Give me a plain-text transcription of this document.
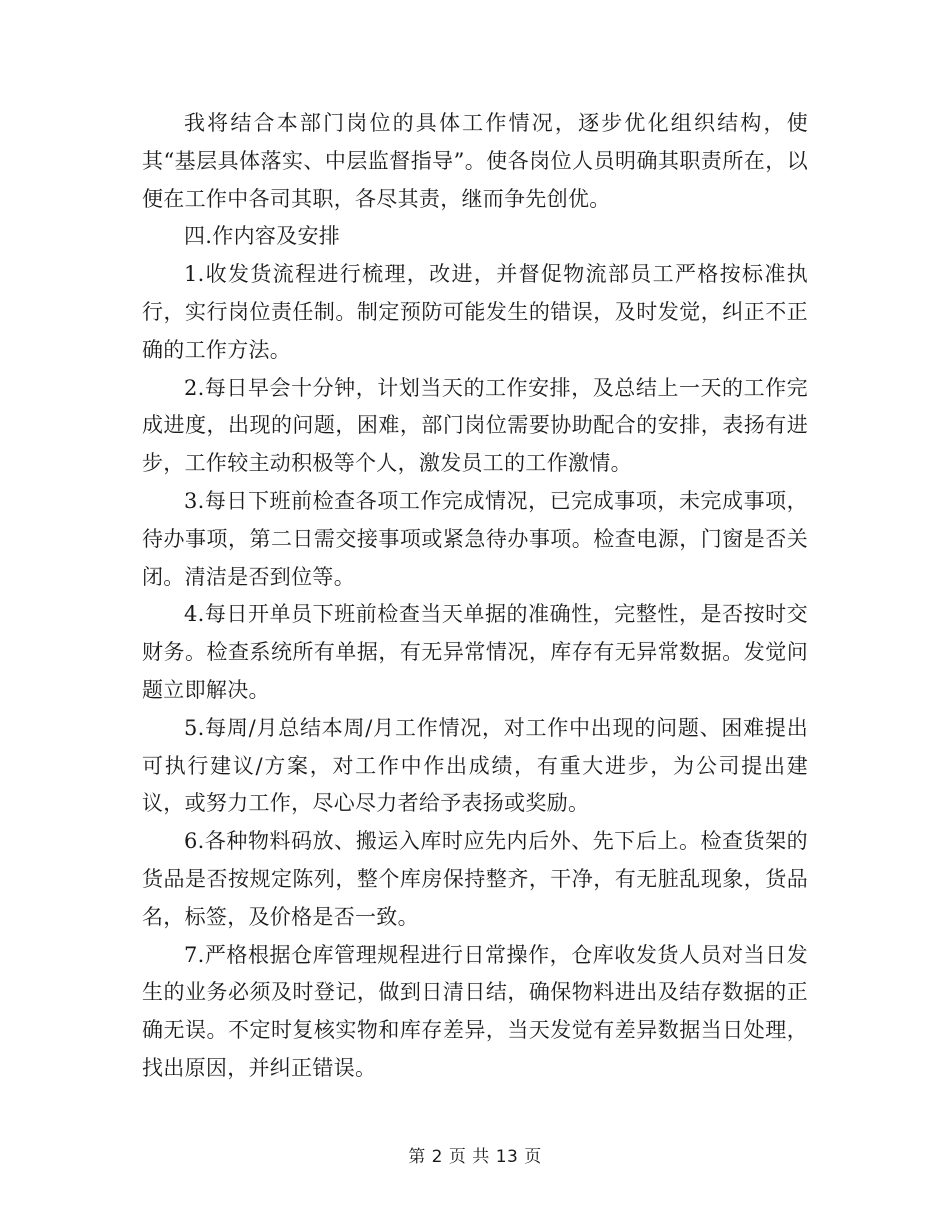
我将结合本部门岗位的具体工作情况，逐步优化组织结构，使其“基层具体落实、中层监督指导”。使各岗位人员明确其职责所在，以便在工作中各司其职，各尽其责，继而争先创优。

四.作内容及安排

1.收发货流程进行梳理，改进，并督促物流部员工严格按标准执行，实行岗位责任制。制定预防可能发生的错误，及时发觉，纠正不正确的工作方法。

2.每日早会十分钟，计划当天的工作安排，及总结上一天的工作完成进度，出现的问题，困难，部门岗位需要协助配合的安排，表扬有进步，工作较主动积极等个人，激发员工的工作激情。

3.每日下班前检查各项工作完成情况，已完成事项，未完成事项，待办事项，第二日需交接事项或紧急待办事项。检查电源，门窗是否关闭。清洁是否到位等。

4.每日开单员下班前检查当天单据的准确性，完整性，是否按时交财务。检查系统所有单据，有无异常情况，库存有无异常数据。发觉问题立即解决。

5.每周/月总结本周/月工作情况，对工作中出现的问题、困难提出可执行建议/方案，对工作中作出成绩，有重大进步，为公司提出建议，或努力工作，尽心尽力者给予表扬或奖励。

6.各种物料码放、搬运入库时应先内后外、先下后上。检查货架的货品是否按规定陈列，整个库房保持整齐，干净，有无脏乱现象，货品名，标签，及价格是否一致。

7.严格根据仓库管理规程进行日常操作，仓库收发货人员对当日发生的业务必须及时登记，做到日清日结，确保物料进出及结存数据的正确无误。不定时复核实物和库存差异，当天发觉有差异数据当日处理，找出原因，并纠正错误。

第 2 页 共 13 页
